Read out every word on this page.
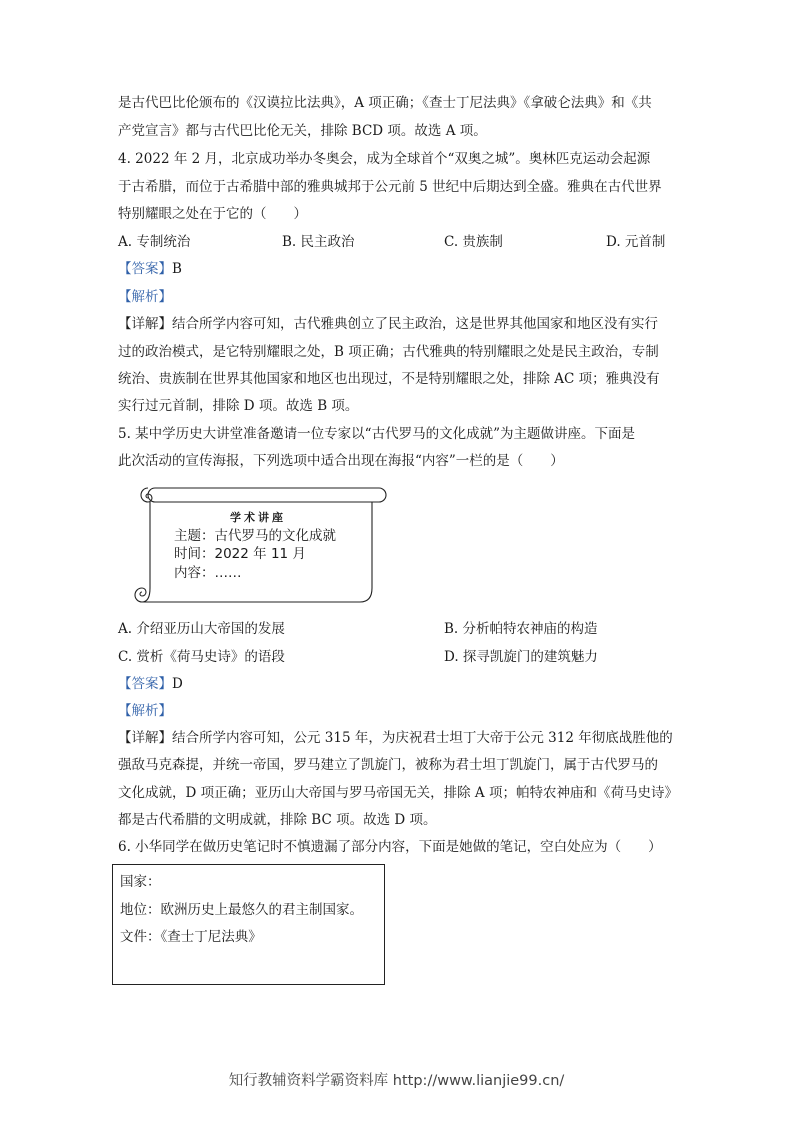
是古代巴比伦颁布的《汉谟拉比法典》，A 项正确；《查士丁尼法典》《拿破仑法典》和《共
产党宣言》都与古代巴比伦无关，排除 BCD 项。故选 A 项。
4. 2022 年 2 月，北京成功举办冬奥会，成为全球首个“双奥之城”。奥林匹克运动会起源
于古希腊，而位于古希腊中部的雅典城邦于公元前 5 世纪中后期达到全盛。雅典在古代世界
特别耀眼之处在于它的（　　）
A. 专制统治	B. 民主政治	C. 贵族制	D. 元首制
【答案】B
【解析】
【详解】结合所学内容可知，古代雅典创立了民主政治，这是世界其他国家和地区没有实行
过的政治模式，是它特别耀眼之处，B 项正确；古代雅典的特别耀眼之处是民主政治，专制
统治、贵族制在世界其他国家和地区也出现过，不是特别耀眼之处，排除 AC 项；雅典没有
实行过元首制，排除 D 项。故选 B 项。
5. 某中学历史大讲堂准备邀请一位专家以“古代罗马的文化成就”为主题做讲座。下面是
此次活动的宣传海报，下列选项中适合出现在海报“内容”一栏的是（　　）
学术讲座
主题：古代罗马的文化成就
时间：2022 年 11 月
内容：……
A. 介绍亚历山大帝国的发展	B. 分析帕特农神庙的构造
C. 赏析《荷马史诗》的语段	D. 探寻凯旋门的建筑魅力
【答案】D
【解析】
【详解】结合所学内容可知，公元 315 年，为庆祝君士坦丁大帝于公元 312 年彻底战胜他的
强敌马克森提，并统一帝国，罗马建立了凯旋门，被称为君士坦丁凯旋门，属于古代罗马的
文化成就，D 项正确；亚历山大帝国与罗马帝国无关，排除 A 项；帕特农神庙和《荷马史诗》
都是古代希腊的文明成就，排除 BC 项。故选 D 项。
6. 小华同学在做历史笔记时不慎遗漏了部分内容，下面是她做的笔记，空白处应为（　　）
国家：
地位：欧洲历史上最悠久的君主制国家。
文件：《查士丁尼法典》
知行教辅资料学霸资料库 http://www.lianjie99.cn/
